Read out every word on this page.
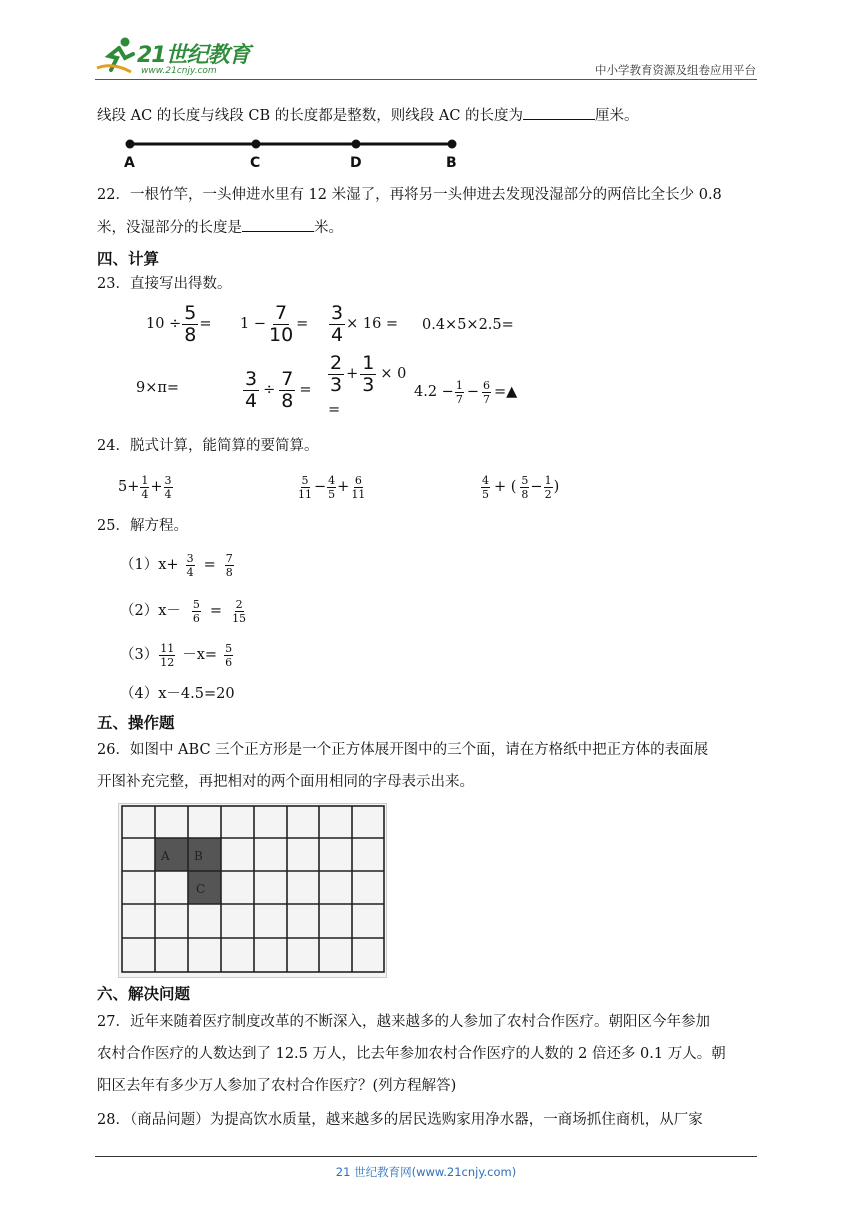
21世纪教育
www.21cnjy.com	中小学教育资源及组卷应用平台
线段 AC 的长度与线段 CB 的长度都是整数，则线段 AC 的长度为	厘米。
A	C	D	B
22．一根竹竿，一头伸进水里有 12 米湿了，再将另一头伸进去发现没湿部分的两倍比全长少 0.8
米，没湿部分的长度是	米。
四、计算
23．直接写出得数。
$10 \div \frac{5}{8} = 1 - \frac{7}{10} = \frac{3}{4} \times 16 = 0.4\times 5\times 2.5=$
9×π=	$\frac{3}{4} \div \frac{7}{8} = \frac{2}{3} + \frac{1}{3} \times 0$
=
$4.2 - \frac{1}{7} - \frac{6}{7}$ =▲
24．脱式计算，能简算的要简算。
$5+ \frac{1}{4} + \frac{3}{4}$	$\frac{5}{11} - \frac{4}{5} + \frac{6}{11}$	$\frac{4}{5}$ + ( $\frac{5}{8} - \frac{1}{2}$ )
25．解方程。
$(1)x+ \frac{3}{4} = \frac{7}{8}$
$(2)x- \frac{5}{6} = \frac{2}{15}$
$(3) \frac{11}{12} -x= \frac{5}{6}$
（4）x－4.5=20
五、操作题
26．如图中 ABC 三个正方形是一个正方体展开图中的三个面，请在方格纸中把正方体的表面展
开图补充完整，再把相对的两个面用相同的字母表示出来。
A B
C
六、解决问题
27．近年来随着医疗制度改革的不断深入，越来越多的人参加了农村合作医疗。朝阳区今年参加
农村合作医疗的人数达到了 12.5 万人，比去年参加农村合作医疗的人数的 2 倍还多 0.1 万人。朝
阳区去年有多少万人参加了农村合作医疗？(列方程解答)
28．（商品问题）为提高饮水质量，越来越多的居民选购家用净水器，一商场抓住商机，从厂家
21 世纪教育网(www.21cnjy.com)
